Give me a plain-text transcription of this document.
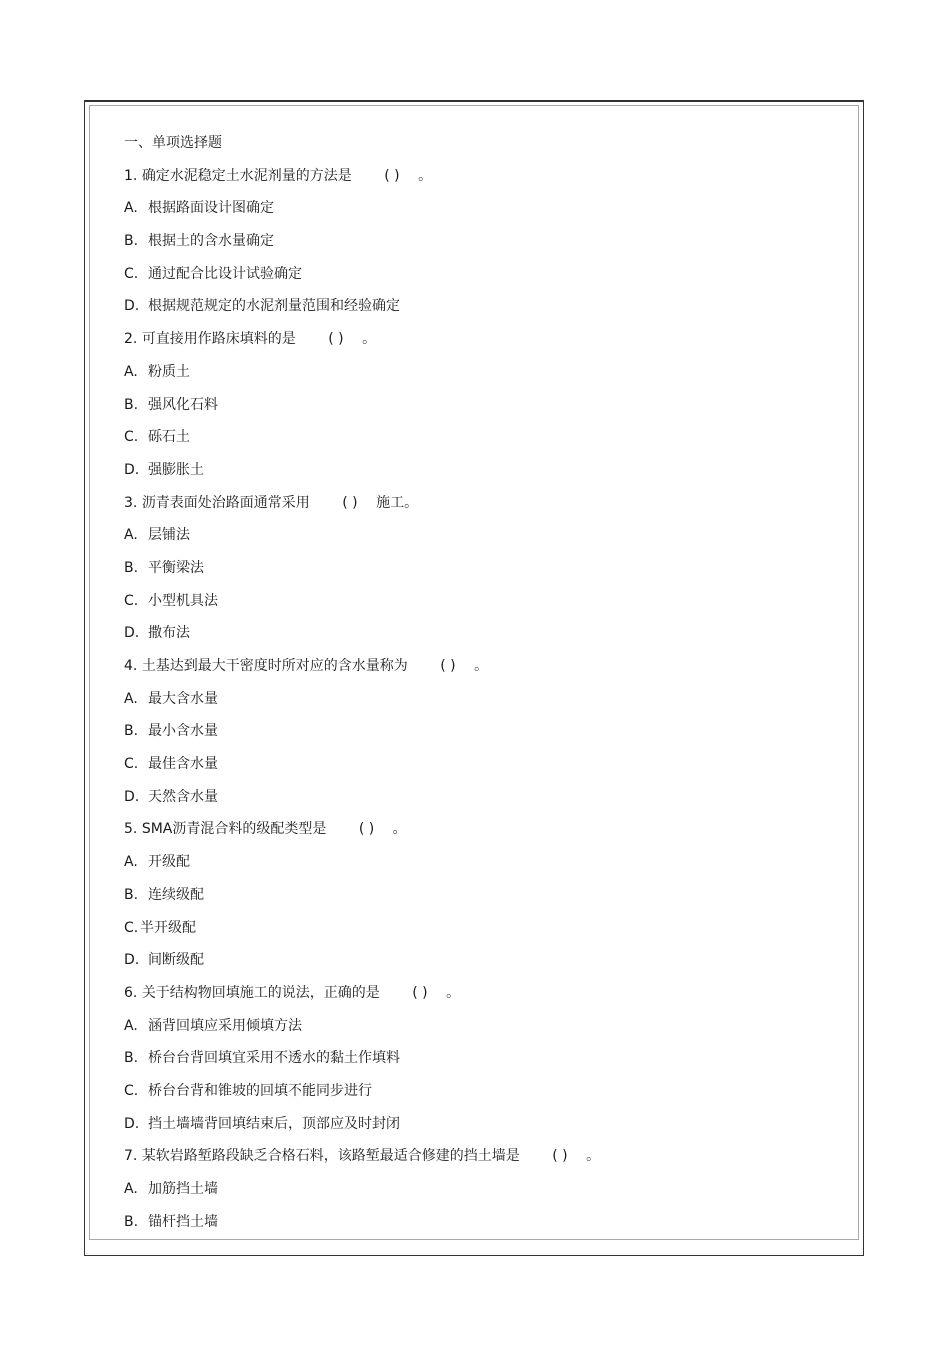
一、单项选择题
1. 确定水泥稳定土水泥剂量的方法是 ( ) 。
A. 根据路面设计图确定
B. 根据土的含水量确定
C. 通过配合比设计试验确定
D. 根据规范规定的水泥剂量范围和经验确定
2. 可直接用作路床填料的是 ( ) 。
A. 粉质土
B. 强风化石料
C. 砾石土
D. 强膨胀土
3. 沥青表面处治路面通常采用 ( ) 施工。
A. 层铺法
B. 平衡梁法
C. 小型机具法
D. 撒布法
4. 土基达到最大干密度时所对应的含水量称为 ( ) 。
A. 最大含水量
B. 最小含水量
C. 最佳含水量
D. 天然含水量
5. SMA沥青混合料的级配类型是 ( ) 。
A. 开级配
B. 连续级配
C. 半开级配
D. 间断级配
6. 关于结构物回填施工的说法，正确的是 ( ) 。
A. 涵背回填应采用倾填方法
B. 桥台台背回填宜采用不透水的黏土作填料
C. 桥台台背和锥坡的回填不能同步进行
D. 挡土墙墙背回填结束后，顶部应及时封闭
7. 某软岩路堑路段缺乏合格石料，该路堑最适合修建的挡土墙是 ( ) 。
A. 加筋挡土墙
B. 锚杆挡土墙
